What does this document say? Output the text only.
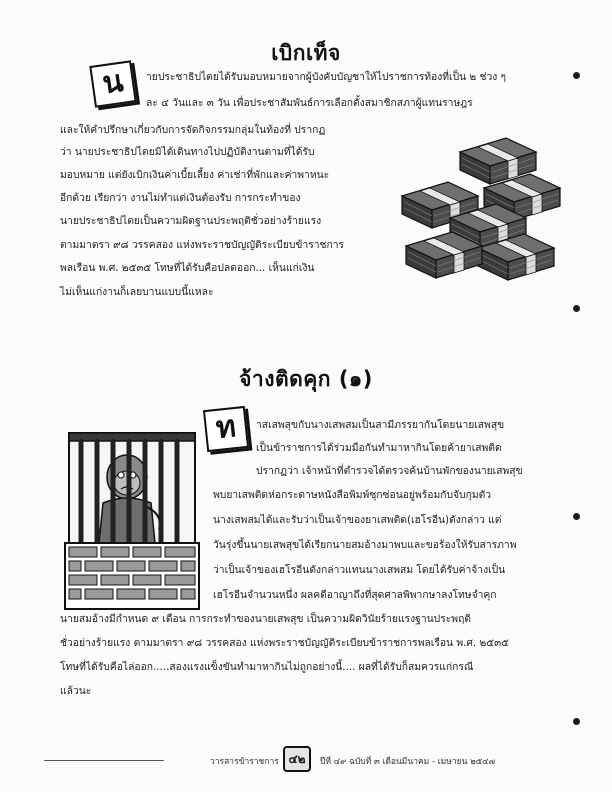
เบิกเท็จ
น	ายประชาธิปไตยได้รับมอบหมายจากผู้บังคับบัญชาให้ไปราชการท้องที่เป็น ๒ ช่วง ๆ
ละ ๔ วันและ ๓ วัน เพื่อประชาสัมพันธ์การเลือกตั้งสมาชิกสภาผู้แทนราษฎร
และให้คำปรึกษาเกี่ยวกับการจัดกิจกรรมกลุ่มในท้องที่ ปรากฏ
ว่า นายประชาธิปไตยมิได้เดินทางไปปฏิบัติงานตามที่ได้รับ
มอบหมาย แต่ยังเบิกเงินค่าเบี้ยเลี้ยง ค่าเช่าที่พักและค่าพาหนะ
อีกด้วย เรียกว่า งานไม่ทำแต่เงินต้องรับ การกระทำของ
นายประชาธิปไตยเป็นความผิดฐานประพฤติชั่วอย่างร้ายแรง
ตามมาตรา ๙๘ วรรคสอง แห่งพระราชบัญญัติระเบียบข้าราชการ
พลเรือน พ.ศ. ๒๕๓๕ โทษที่ได้รับคือปลดออก... เห็นแก่เงิน
ไม่เห็นแก่งานก็เลยบานแบบนี้แหละ
จ้างติดคุก (๑)
ท	าสเสพสุขกับนางเสพสมเป็นสามีภรรยากันโดยนายเสพสุข
เป็นข้าราชการได้ร่วมมือกันทำมาหากินโดยค้ายาเสพติด
ปรากฏว่า เจ้าหน้าที่ตำรวจได้ตรวจค้นบ้านพักของนายเสพสุข
พบยาเสพติดห่อกระดาษหนังสือพิมพ์ซุกซ่อนอยู่พร้อมกับจับกุมตัว
นางเสพสมได้และรับว่าเป็นเจ้าของยาเสพติด(เฮโรอีน)ดังกล่าว แต่
วันรุ่งขึ้นนายเสพสุขได้เรียกนายสมอ้างมาพบและขอร้องให้รับสารภาพ
ว่าเป็นเจ้าของเฮโรอีนดังกล่าวแทนนางเสพสม โดยได้รับค่าจ้างเป็น
เฮโรอีนจำนวนหนึ่ง ผลคดีอาญาถึงที่สุดศาลพิพากษาลงโทษจำคุก
นายสมอ้างมีกำหนด ๙ เดือน การกระทำของนายเสพสุข เป็นความผิดวินัยร้ายแรงฐานประพฤติ
ชั่วอย่างร้ายแรง ตามมาตรา ๙๘ วรรคสอง แห่งพระราชบัญญัติระเบียบข้าราชการพลเรือน พ.ศ. ๒๕๓๕
โทษที่ได้รับคือไล่ออก.....สองแรงแข็งขันทำมาหากินไม่ถูกอย่างนี้.... ผลที่ได้รับก็สมควรแก่กรณี
แล้วนะ
วารสารข้าราชการ ๔๒	ปีที่ ๔๙ ฉบับที่ ๓ เดือนมีนาคม - เมษายน ๒๕๔๗
